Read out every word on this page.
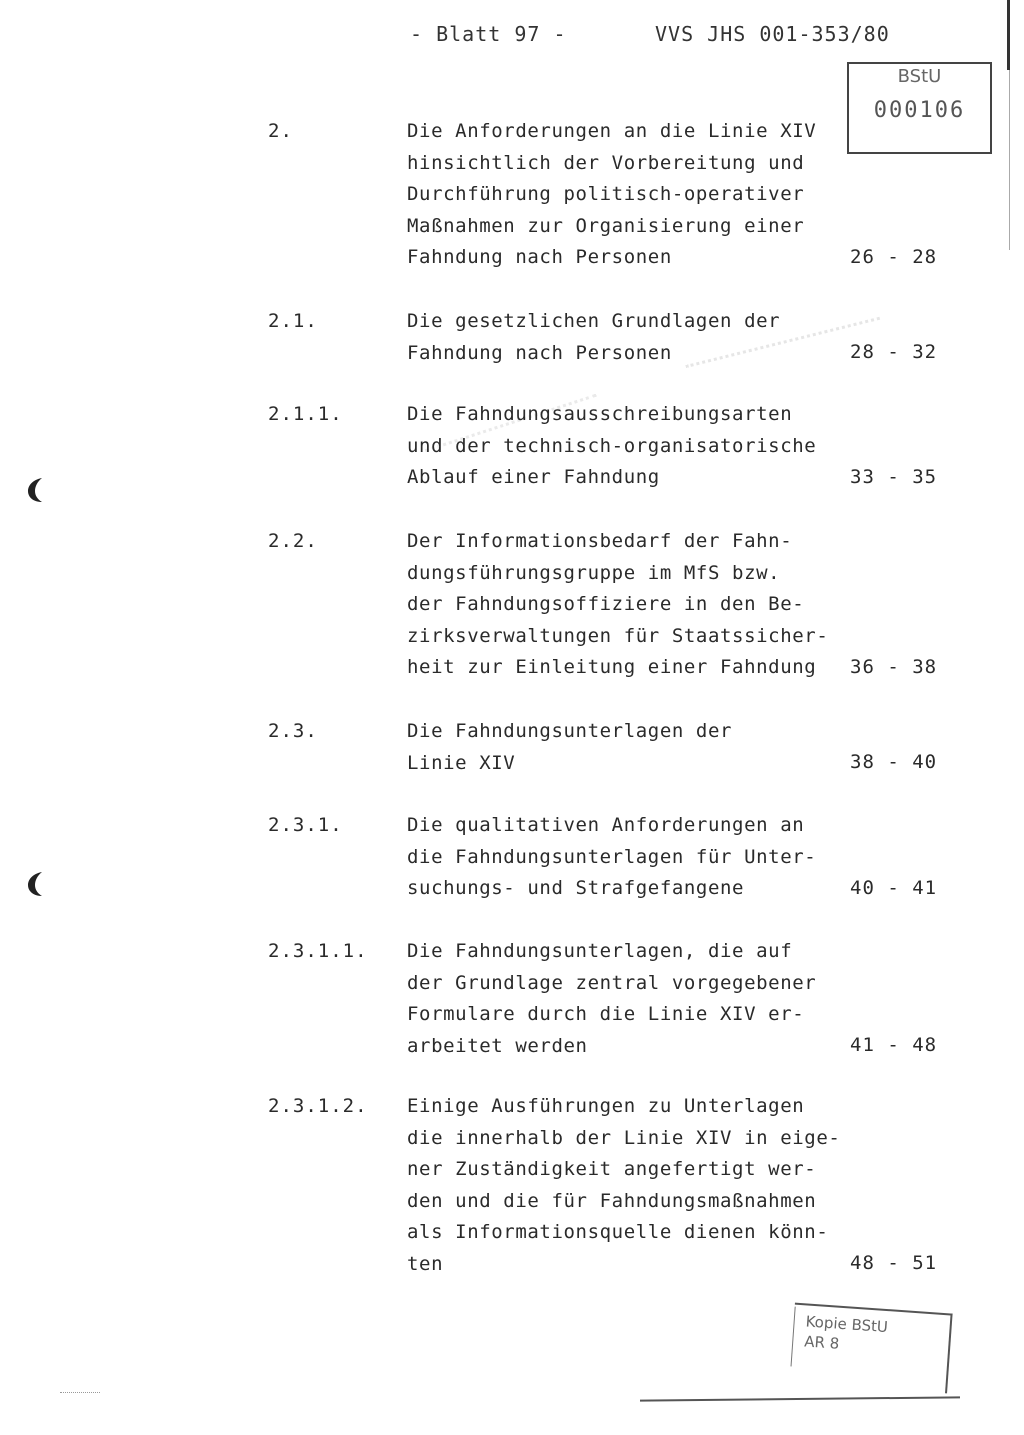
- Blatt 97 -	VVS JHS 001-353/80
BStU
000106
2.	Die Anforderungen an die Linie XIV
hinsichtlich der Vorbereitung und
Durchführung politisch-operativer
Maßnahmen zur Organisierung einer
Fahndung nach Personen	26 - 28
2.1.	Die gesetzlichen Grundlagen der
Fahndung nach Personen	28 - 32
2.1.1.	Die Fahndungsausschreibungsarten
und der technisch-organisatorische
Ablauf einer Fahndung	33 - 35
2.2.	Der Informationsbedarf der Fahn-
dungsführungsgruppe im MfS bzw.
der Fahndungsoffiziere in den Be-
zirksverwaltungen für Staatssicher-
heit zur Einleitung einer Fahndung	36 - 38
2.3.	Die Fahndungsunterlagen der
Linie XIV	38 - 40
2.3.1.	Die qualitativen Anforderungen an
die Fahndungsunterlagen für Unter-
suchungs- und Strafgefangene	40 - 41
2.3.1.1. Die Fahndungsunterlagen, die auf
der Grundlage zentral vorgegebener
Formulare durch die Linie XIV er-
arbeitet werden	41 - 48
2.3.1.2. Einige Ausführungen zu Unterlagen
die innerhalb der Linie XIV in eige-
ner Zuständigkeit angefertigt wer-
den und die für Fahndungsmaßnahmen
als Informationsquelle dienen könn-
ten	48 - 51
Kopie BStU
AR 8
